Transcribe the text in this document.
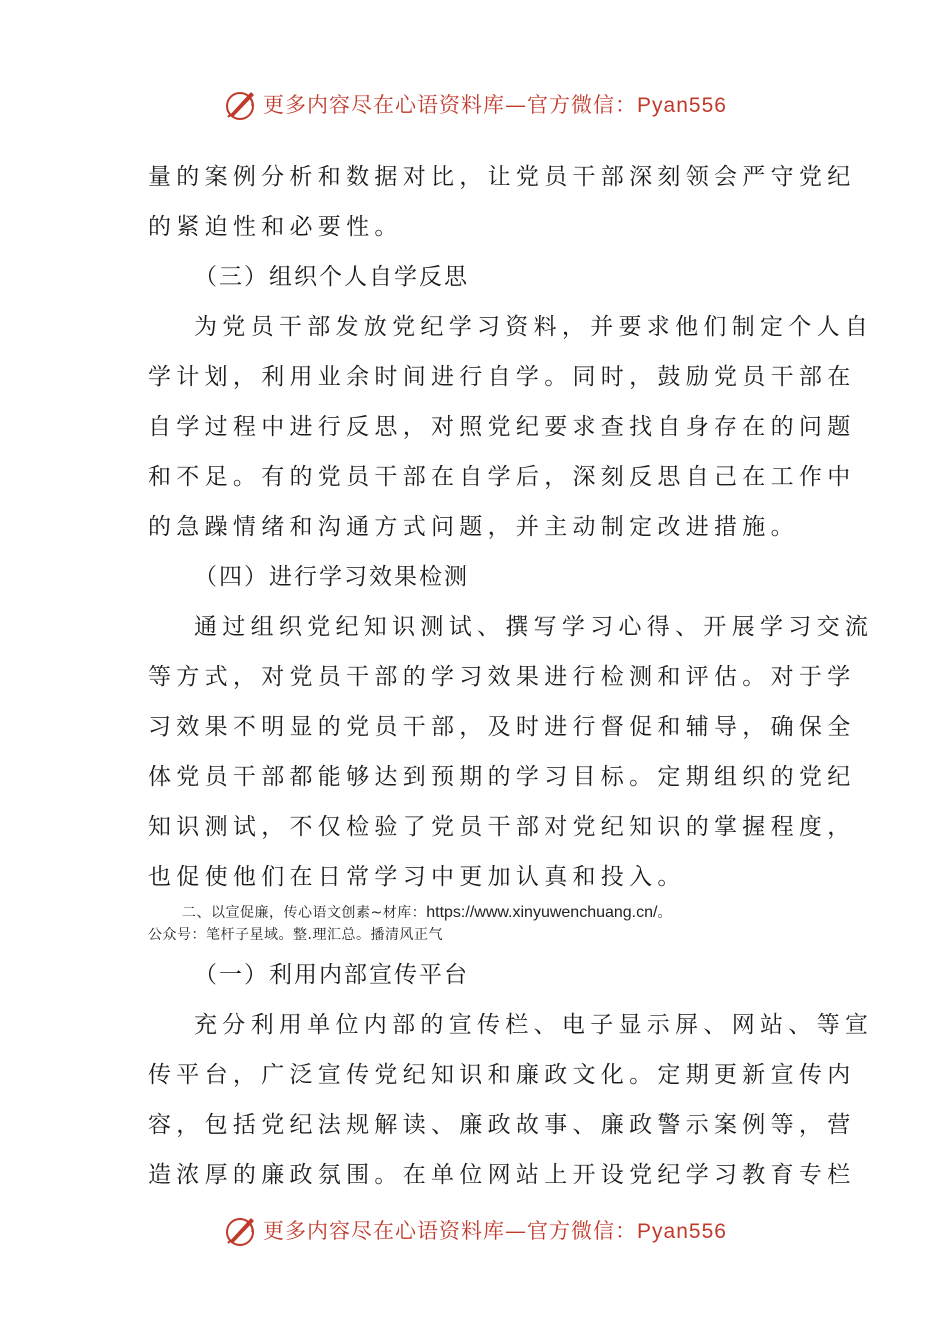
更多内容尽在心语资料库—官方微信：Pyan556
量的案例分析和数据对比，让党员干部深刻领会严守党纪
的紧迫性和必要性。
（三）组织个人自学反思
为党员干部发放党纪学习资料，并要求他们制定个人自
学计划，利用业余时间进行自学。同时，鼓励党员干部在
自学过程中进行反思，对照党纪要求查找自身存在的问题
和不足。有的党员干部在自学后，深刻反思自己在工作中
的急躁情绪和沟通方式问题，并主动制定改进措施。
（四）进行学习效果检测
通过组织党纪知识测试、撰写学习心得、开展学习交流
等方式，对党员干部的学习效果进行检测和评估。对于学
习效果不明显的党员干部，及时进行督促和辅导，确保全
体党员干部都能够达到预期的学习目标。定期组织的党纪
知识测试，不仅检验了党员干部对党纪知识的掌握程度，
也促使他们在日常学习中更加认真和投入。
二、以宣促廉，传心语文创素~材库：https://www.xinyuwenchuang.cn/。
公众号：笔杆子星域。整.理汇总。播清风正气
（一）利用内部宣传平台
充分利用单位内部的宣传栏、电子显示屏、网站、等宣
传平台，广泛宣传党纪知识和廉政文化。定期更新宣传内
容，包括党纪法规解读、廉政故事、廉政警示案例等，营
造浓厚的廉政氛围。在单位网站上开设党纪学习教育专栏
更多内容尽在心语资料库—官方微信：Pyan556
